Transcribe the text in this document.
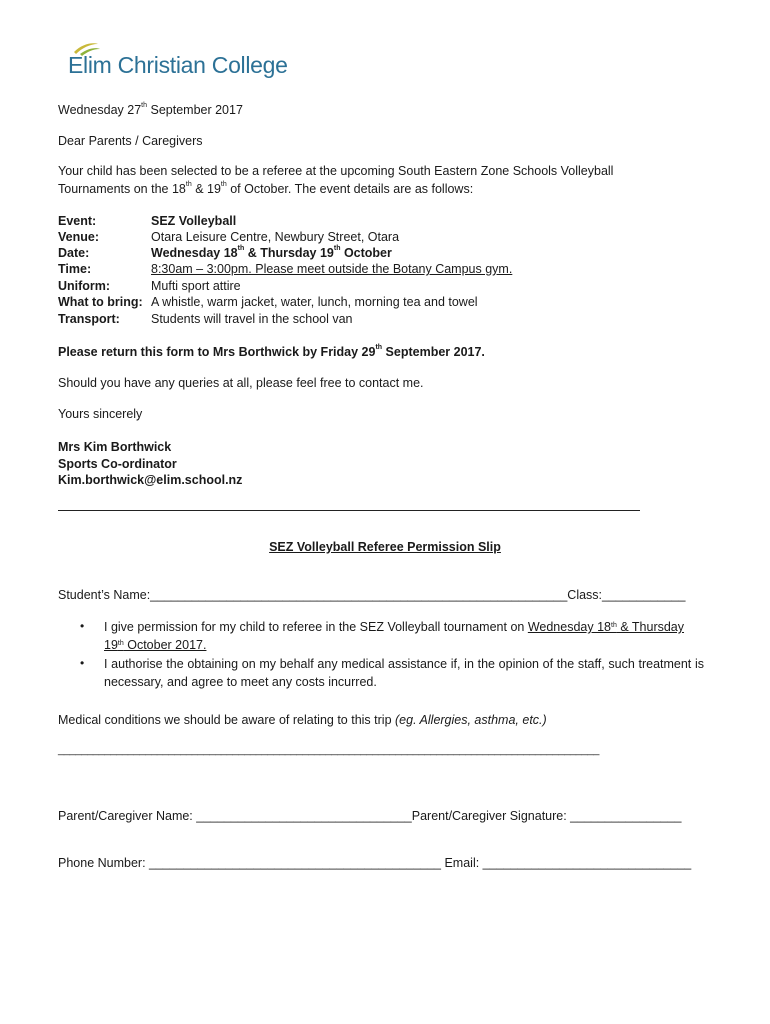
Elim Christian College
Wednesday 27th September 2017
Dear Parents / Caregivers
Your child has been selected to be a referee at the upcoming South Eastern Zone Schools Volleyball
Tournaments on the 18th & 19th of October. The event details are as follows:
Event:	SEZ Volleyball
Venue:	Otara Leisure Centre, Newbury Street, Otara
Date:	Wednesday 18th & Thursday 19th October
Time:	8:30am – 3:00pm. Please meet outside the Botany Campus gym.
Uniform:	Mufti sport attire
What to bring: A whistle, warm jacket, water, lunch, morning tea and towel
Transport: Students will travel in the school van
Please return this form to Mrs Borthwick by Friday 29th September 2017.
Should you have any queries at all, please feel free to contact me.
Yours sincerely
Mrs Kim Borthwick
Sports Co-ordinator
Kim.borthwick@elim.school.nz
SEZ Volleyball Referee Permission Slip
Student’s Name:____________________________________________________________Class:____________
• I give permission for my child to referee in the SEZ Volleyball tournament on Wednesday 18th & Thursday
19th October 2017.
• I authorise the obtaining on my behalf any medical assistance if, in the opinion of the staff, such treatment is necessary, and agree to meet any costs incurred.
Medical conditions we should be aware of relating to this trip (eg. Allergies, asthma, etc.)
_____________________________________________________________________________________________
Parent/Caregiver Name: _______________________________Parent/Caregiver Signature: ________________
Phone Number: __________________________________________ Email: ______________________________
